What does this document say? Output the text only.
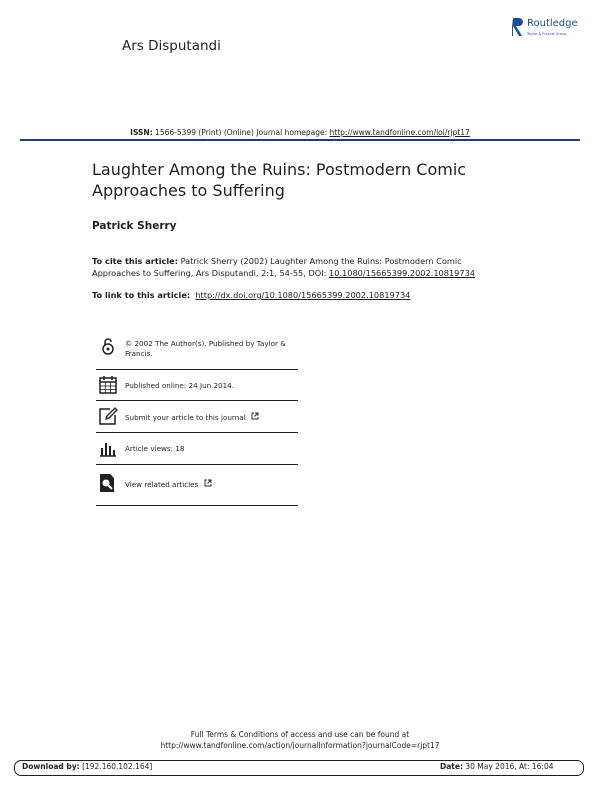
Ars Disputandi
Routledge
Taylor & Francis Group
ISSN: 1566-5399 (Print) (Online) Journal homepage: http://www.tandfonline.com/loi/rjpt17
Laughter Among the Ruins: Postmodern Comic Approaches to Suffering
Patrick Sherry
To cite this article: Patrick Sherry (2002) Laughter Among the Ruins: Postmodern Comic Approaches to Suffering, Ars Disputandi, 2:1, 54-55, DOI: 10.1080/15665399.2002.10819734
To link to this article: http://dx.doi.org/10.1080/15665399.2002.10819734
© 2002 The Author(s). Published by Taylor & Francis.
Published online: 24 Jun 2014.
Submit your article to this journal
Article views: 18
View related articles
Full Terms & Conditions of access and use can be found at
http://www.tandfonline.com/action/journalInformation?journalCode=rjpt17
Download by: [192.160.102.164]	Date: 30 May 2016, At: 16:04
